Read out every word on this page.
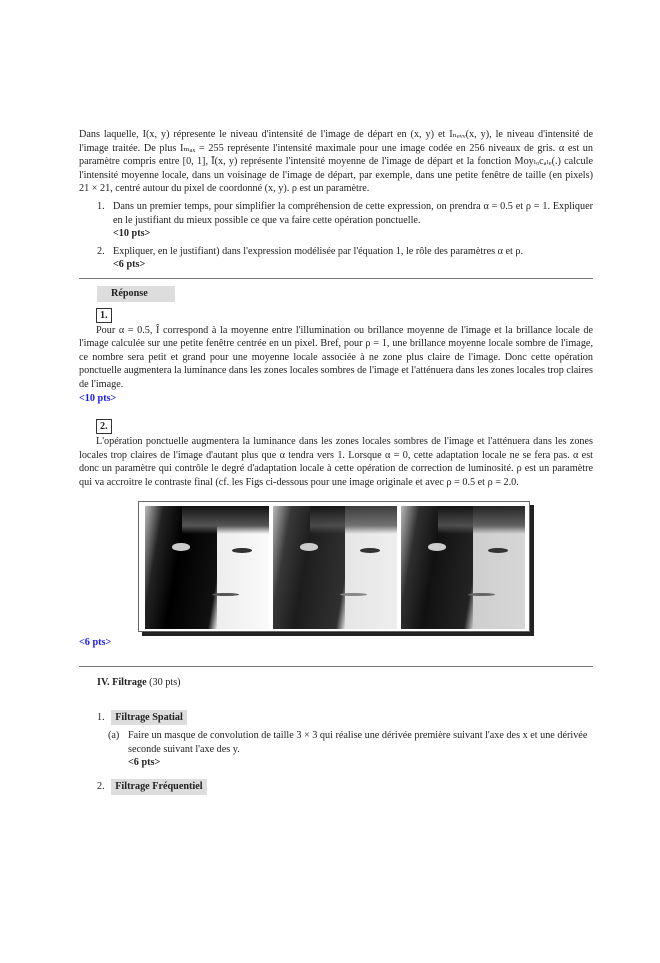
Dans laquelle, I(x, y) répresente le niveau d'intensité de l'image de départ en (x, y) et Iₙₑᵥᵥ(x, y), le niveau d'intensité de l'image traitée. De plus Iₘₐₓ = 255 représente l'intensité maximale pour une image codée en 256 niveaux de gris. α est un paramètre compris entre [0, 1], Ī(x, y) représente l'intensité moyenne de l'image de départ et la fonction Moyₗₒcₐₗₑ(.) calcule l'intensité moyenne locale, dans un voisinage de l'image de départ, par exemple, dans une petite fenêtre de taille (en pixels) 21 × 21, centré autour du pixel de coordonné (x, y). ρ est un paramètre.
1. Dans un premier temps, pour simplifier la compréhension de cette expression, on prendra α = 0.5 et ρ = 1. Expliquer en le justifiant du mieux possible ce que va faire cette opération ponctuelle.
<10 pts>
2. Expliquer, en le justifiant) dans l'expression modélisée par l'équation 1, le rôle des paramètres α et ρ.
<6 pts>
Réponse
1.
Pour α = 0.5, Î correspond à la moyenne entre l'illumination ou brillance moyenne de l'image et la brillance locale de l'image calculée sur une petite fenêtre centrée en un pixel. Bref, pour ρ = 1, une brillance moyenne locale sombre de l'image, ce nombre sera petit et grand pour une moyenne locale associée à ne zone plus claire de l'image. Donc cette opération ponctuelle augmentera la luminance dans les zones locales sombres de l'image et l'atténuera dans les zones locales trop claires de l'image.
<10 pts>
2.
L'opération ponctuelle augmentera la luminance dans les zones locales sombres de l'image et l'atténuera dans les zones locales trop claires de l'image d'autant plus que α tendra vers 1. Lorsque α = 0, cette adaptation locale ne se fera pas. α est donc un paramètre qui contrôle le degré d'adaptation locale à cette opération de correction de luminosité. ρ est un paramètre qui va accroitre le contraste final (cf. les Figs ci-dessous pour une image originale et avec ρ = 0.5 et ρ = 2.0.
<6 pts>
IV. Filtrage (30 pts)
1. Filtrage Spatial
(a) Faire un masque de convolution de taille 3 × 3 qui réalise une dérivée première suivant l'axe des x et une dérivée seconde suivant l'axe des y.
<6 pts>
2. Filtrage Fréquentiel
